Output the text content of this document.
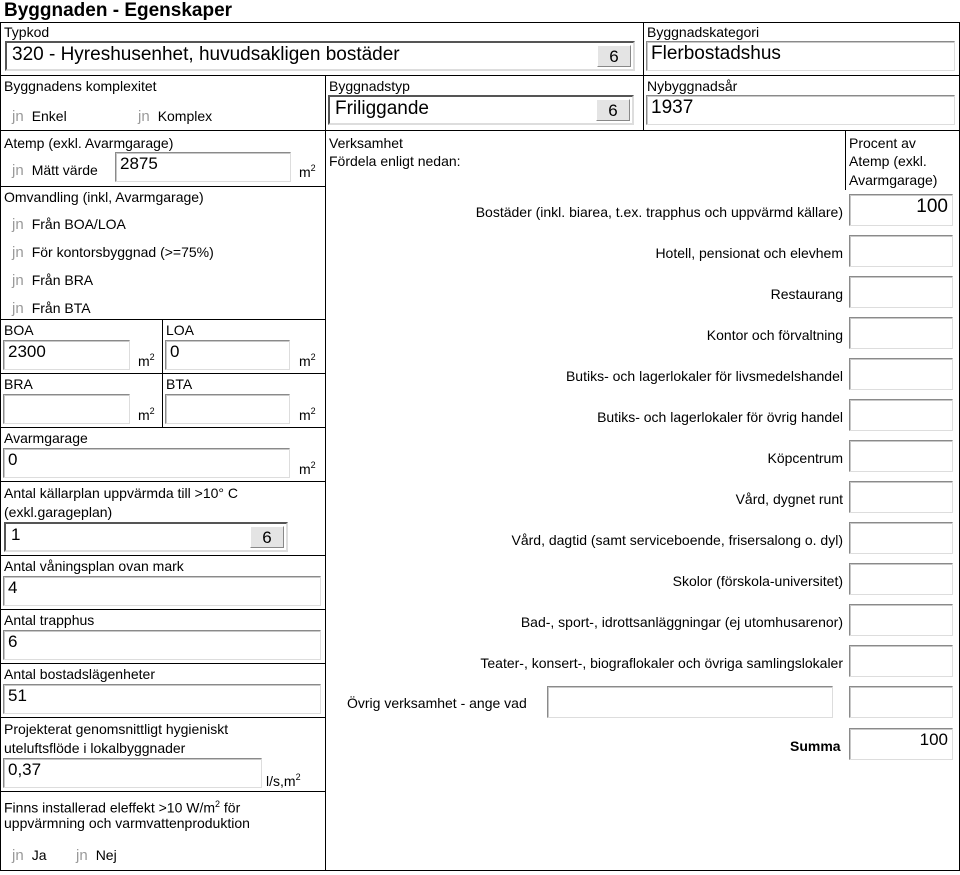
Byggnaden - Egenskaper
Typkod
320 - Hyreshusenhet, huvudsakligen bostäder	6
Byggnadskategori
Flerbostadshus
Byggnadens komplexitet
jn Enkel	jn Komplex
Byggnadstyp
Friliggande	6
Nybyggnadsår
1937
Atemp (exkl. Avarmgarage)
jn Mätt värde 2875	$m^2$
Omvandling (inkl, Avarmgarage)
jn Från BOA/LOA
jn För kontorsbyggnad (>=75%)
jn Från BRA
jn Från BTA
BOA
2300	$m^2$
LOA
0	$m^2$
BRA
$m^2$
BTA
$m^2$
Avarmgarage
0	$m^2$
Antal källarplan uppvärmda till >10° C
(exkl.garageplan)
1	6
Antal våningsplan ovan mark
4
Antal trapphus
6
Antal bostadslägenheter
51
Projekterat genomsnittligt hygieniskt
uteluftsflöde i lokalbyggnader
0,37
$l/s,m^2$
Finns installerad eleffekt >10 $W/m^2$ för
uppvärmning och varmvattenproduktion
jn Ja jn Nej
Verksamhet
Fördela enligt nedan:
Procent av
Atemp (exkl.
Avarmgarage)
Bostäder (inkl. biarea, t.ex. trapphus och uppvärmd källare)	100
Hotell, pensionat och elevhem
Restaurang
Kontor och förvaltning
Butiks- och lagerlokaler för livsmedelshandel
Butiks- och lagerlokaler för övrig handel
Köpcentrum
Vård, dygnet runt
Vård, dagtid (samt serviceboende, frisersalong o. dyl)
Skolor (förskola-universitet)
Bad-, sport-, idrottsanläggningar (ej utomhusarenor)
Teater-, konsert-, biograflokaler och övriga samlingslokaler
Övrig verksamhet - ange vad
Summa	100
